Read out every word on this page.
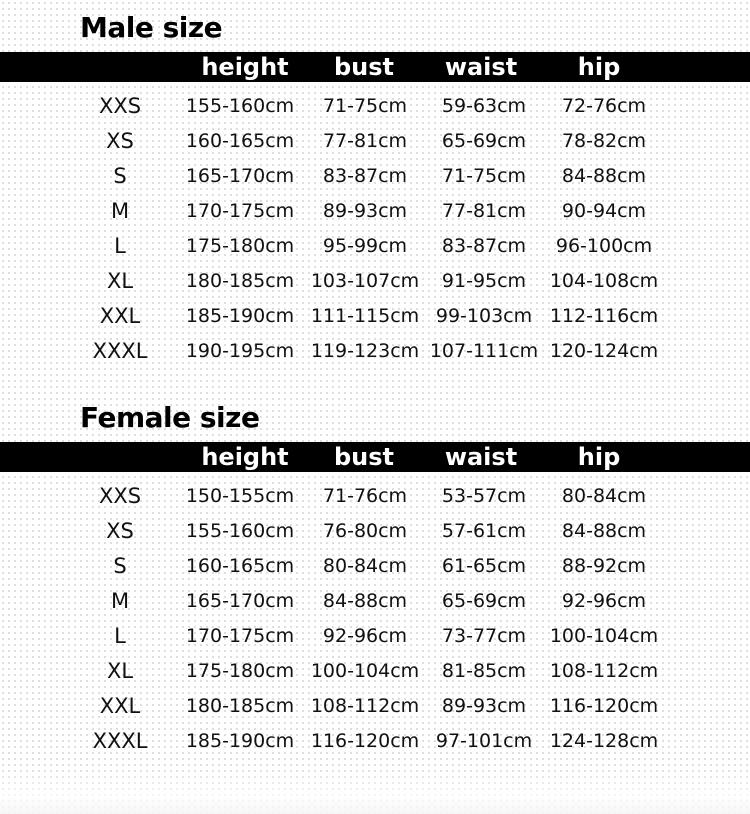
Male size
height	bust	waist	hip
XXS	155-160cm	71-75cm	59-63cm	72-76cm
XS	160-165cm	77-81cm	65-69cm	78-82cm
S	165-170cm	83-87cm	71-75cm	84-88cm
M	170-175cm	89-93cm	77-81cm	90-94cm
L	175-180cm	95-99cm	83-87cm	96-100cm
XL	180-185cm 103-107cm	91-95cm	104-108cm
XXL	185-190cm 111-115cm 99-103cm 112-116cm
XXXL	190-195cm 119-123cm 107-111cm 120-124cm
Female size
height	bust	waist	hip
XXS	150-155cm	71-76cm	53-57cm	80-84cm
XS	155-160cm	76-80cm	57-61cm	84-88cm
S	160-165cm	80-84cm	61-65cm	88-92cm
M	165-170cm	84-88cm	65-69cm	92-96cm
L	170-175cm	92-96cm	73-77cm	100-104cm
XL	175-180cm 100-104cm	81-85cm	108-112cm
XXL	180-185cm 108-112cm	89-93cm	116-120cm
XXXL	185-190cm 116-120cm 97-101cm 124-128cm
